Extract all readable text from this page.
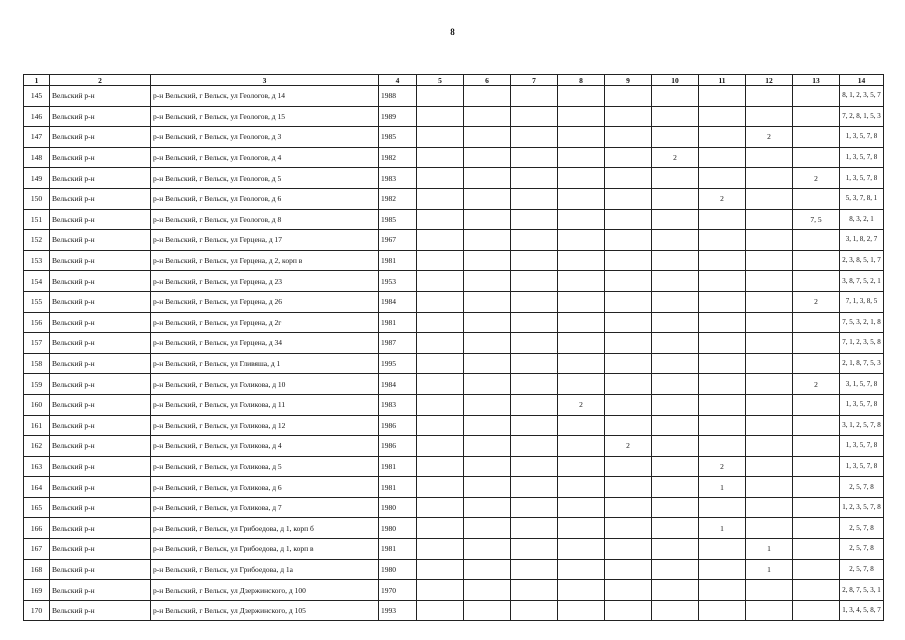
8
1	2	3	4	5	6	7	8	9	10	11	12	13	14
145	Вельский р-н	р-н Вельский, г Вельск, ул Геологов, д 14	1988										8, 1, 2, 3, 5, 7
146	Вельский р-н	р-н Вельский, г Вельск, ул Геологов, д 15	1989										7, 2, 8, 1, 5, 3
147	Вельский р-н	р-н Вельский, г Вельск, ул Геологов, д 3	1985								2		1, 3, 5, 7, 8
148	Вельский р-н	р-н Вельский, г Вельск, ул Геологов, д 4	1982						2				1, 3, 5, 7, 8
149	Вельский р-н	р-н Вельский, г Вельск, ул Геологов, д 5	1983									2	1, 3, 5, 7, 8
150	Вельский р-н	р-н Вельский, г Вельск, ул Геологов, д 6	1982							2			5, 3, 7, 8, 1
151	Вельский р-н	р-н Вельский, г Вельск, ул Геологов, д 8	1985									7, 5	8, 3, 2, 1
152	Вельский р-н	р-н Вельский, г Вельск, ул Герцена, д 17	1967										3, 1, 8, 2, 7
153	Вельский р-н	р-н Вельский, г Вельск, ул Герцена, д 2, корп в	1981										2, 3, 8, 5, 1, 7
154	Вельский р-н	р-н Вельский, г Вельск, ул Герцена, д 23	1953										3, 8, 7, 5, 2, 1
155	Вельский р-н	р-н Вельский, г Вельск, ул Герцена, д 26	1984									2	7, 1, 3, 8, 5
156	Вельский р-н	р-н Вельский, г Вельск, ул Герцена, д 2г	1981										7, 5, 3, 2, 1, 8
157	Вельский р-н	р-н Вельский, г Вельск, ул Герцена, д 34	1987										7, 1, 2, 3, 5, 8
158	Вельский р-н	р-н Вельский, г Вельск, ул Гливяша, д 1	1995										2, 1, 8, 7, 5, 3
159	Вельский р-н	р-н Вельский, г Вельск, ул Голикова, д 10	1984									2	3, 1, 5, 7, 8
160	Вельский р-н	р-н Вельский, г Вельск, ул Голикова, д 11	1983				2						1, 3, 5, 7, 8
161	Вельский р-н	р-н Вельский, г Вельск, ул Голикова, д 12	1986										3, 1, 2, 5, 7, 8
162	Вельский р-н	р-н Вельский, г Вельск, ул Голикова, д 4	1986					2					1, 3, 5, 7, 8
163	Вельский р-н	р-н Вельский, г Вельск, ул Голикова, д 5	1981							2			1, 3, 5, 7, 8
164	Вельский р-н	р-н Вельский, г Вельск, ул Голикова, д 6	1981							1			2, 5, 7, 8
165	Вельский р-н	р-н Вельский, г Вельск, ул Голикова, д 7	1980										1, 2, 3, 5, 7, 8
166	Вельский р-н	р-н Вельский, г Вельск, ул Грибоедова, д 1, корп б	1980							1			2, 5, 7, 8
167	Вельский р-н	р-н Вельский, г Вельск, ул Грибоедова, д 1, корп в	1981								1		2, 5, 7, 8
168	Вельский р-н	р-н Вельский, г Вельск, ул Грибоедова, д 1а	1980								1		2, 5, 7, 8
169	Вельский р-н	р-н Вельский, г Вельск, ул Дзержинского, д 100	1970										2, 8, 7, 5, 3, 1
170	Вельский р-н	р-н Вельский, г Вельск, ул Дзержинского, д 105	1993										1, 3, 4, 5, 8, 7
